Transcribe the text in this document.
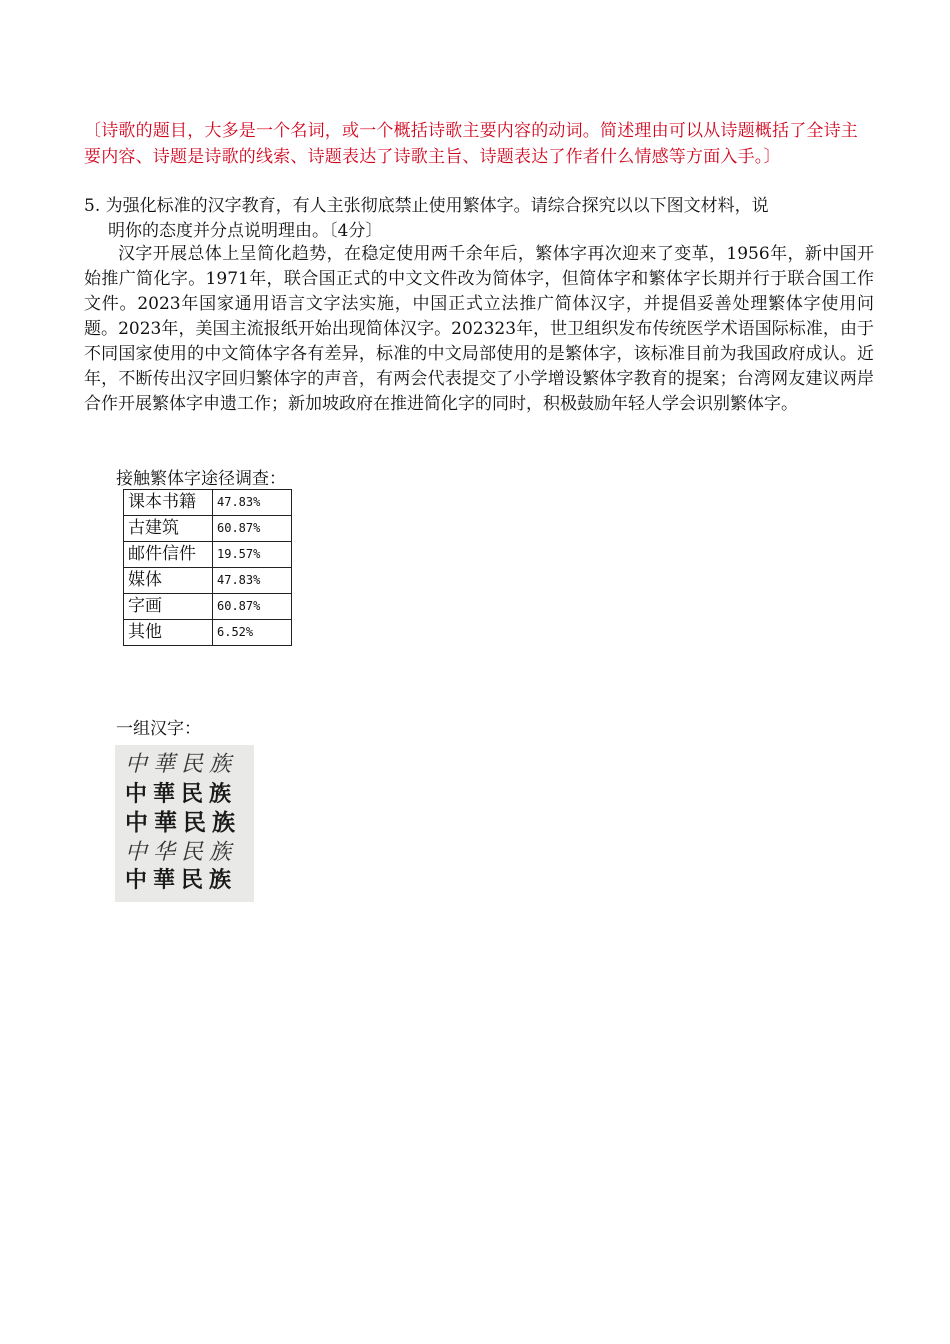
〔诗歌的题目，大多是一个名词，或一个概括诗歌主要内容的动词。简述理由可以从诗题概括了全诗主要内容、诗题是诗歌的线索、诗题表达了诗歌主旨、诗题表达了作者什么情感等方面入手。〕
5. 为强化标准的汉字教育，有人主张彻底禁止使用繁体字。请综合探究以以下图文材料，说
明你的态度并分点说明理由。〔4分〕
汉字开展总体上呈简化趋势，在稳定使用两千余年后，繁体字再次迎来了变革，1956年，新中国开始推广简化字。1971年，联合国正式的中文文件改为简体字，但简体字和繁体字长期并行于联合国工作文件。2023年国家通用语言文字法实施，中国正式立法推广简体汉字，并提倡妥善处理繁体字使用问题。2023年，美国主流报纸开始出现简体汉字。202323年，世卫组织发布传统医学术语国际标准，由于不同国家使用的中文简体字各有差异，标准的中文局部使用的是繁体字，该标准目前为我国政府成认。近年，不断传出汉字回归繁体字的声音，有两会代表提交了小学增设繁体字教育的提案；台湾网友建议两岸合作开展繁体字申遗工作；新加坡政府在推进简化字的同时，积极鼓励年轻人学会识别繁体字。
接触繁体字途径调查：
课本书籍	47.83%
古建筑	60.87%
邮件信件	19.57%
媒体	47.83%
字画	60.87%
其他	6.52%
一组汉字：
中華民族
中華民族
中華民族
中华民族
中華民族
